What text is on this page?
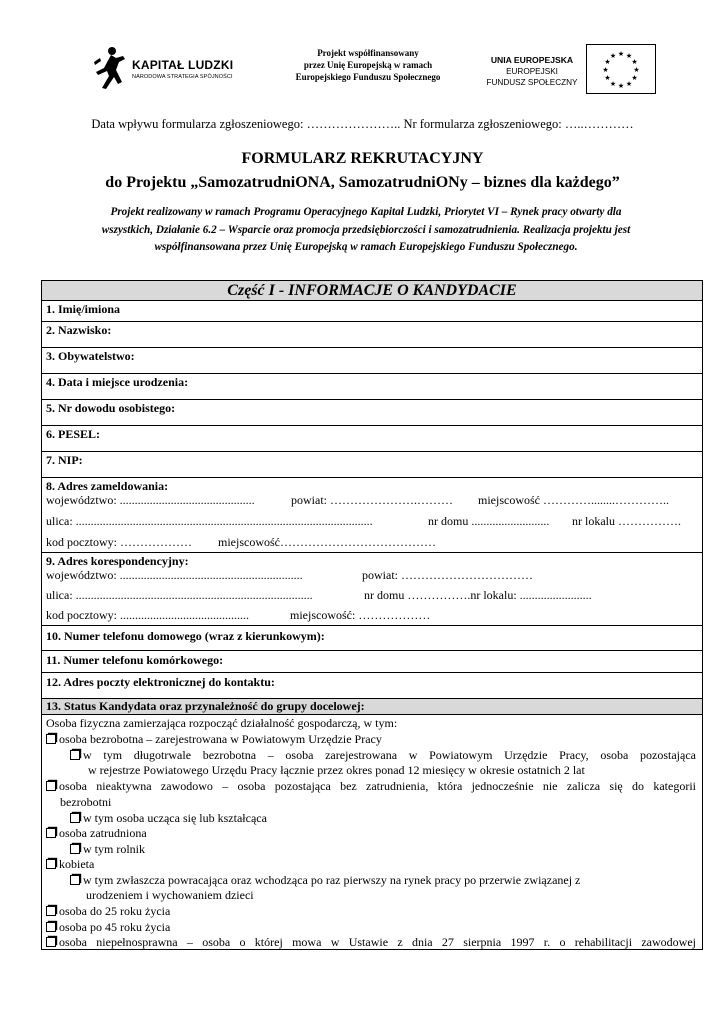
KAPITAŁ LUDZKI
NARODOWA STRATEGIA SPÓJNOŚCI
Projekt współfinansowany
przez Unię Europejską w ramach
Europejskiego Funduszu Społecznego
UNIA EUROPEJSKA
EUROPEJSKI
FUNDUSZ SPOŁECZNY
★ ★
★
★
★
★
★
★
★
★
★
★
Data wpływu formularza zgłoszeniowego: ………………….. Nr formularza zgłoszeniowego: …..…………
FORMULARZ REKRUTACYJNY
do Projektu „SamozatrudniONA, SamozatrudniONy – biznes dla każdego”
Projekt realizowany w ramach Programu Operacyjnego Kapitał Ludzki, Priorytet VI – Rynek pracy otwarty dla
wszystkich, Działanie 6.2 – Wsparcie oraz promocja przedsiębiorczości i samozatrudnienia. Realizacja projektu jest
współfinansowana przez Unię Europejską w ramach Europejskiego Funduszu Społecznego.
Część I - INFORMACJE O KANDYDACIE
1. Imię/imiona
2. Nazwisko:
3. Obywatelstwo:
4. Data i miejsce urodzenia:
5. Nr dowodu osobistego:
6. PESEL:
7. NIP:
8. Adres zameldowania:
województwo: .............................................	powiat: ………………….……… miejscowość …………........…………..
ulica: ...................................................................................................	nr domu .......................... nr lokalu …………….
kod pocztowy: ……………… miejscowość…………………………………
9. Adres korespondencyjny:
województwo: .............................................................	powiat: ……………………………
ulica: ...............................................................................	nr domu …………….nr lokalu: ........................
kod pocztowy: ...........................................	miejscowość: ………………
10. Numer telefonu domowego (wraz z kierunkowym):
11. Numer telefonu komórkowego:
12. Adres poczty elektronicznej do kontaktu:
13. Status Kandydata oraz przynależność do grupy docelowej:
Osoba fizyczna zamierzająca rozpocząć działalność gospodarczą, w tym:
osoba bezrobotna – zarejestrowana w Powiatowym Urzędzie Pracy
w tym długotrwale bezrobotna – osoba zarejestrowana w Powiatowym Urzędzie Pracy, osoba pozostająca
w rejestrze Powiatowego Urzędu Pracy łącznie przez okres ponad 12 miesięcy w okresie ostatnich 2 lat
osoba nieaktywna zawodowo – osoba pozostająca bez zatrudnienia, która jednocześnie nie zalicza się do kategorii
bezrobotni
w tym osoba ucząca się lub kształcąca
osoba zatrudniona
w tym rolnik
kobieta
w tym zwłaszcza powracająca oraz wchodząca po raz pierwszy na rynek pracy po przerwie związanej z
urodzeniem i wychowaniem dzieci
osoba do 25 roku życia
osoba po 45 roku życia
osoba niepełnosprawna – osoba o której mowa w Ustawie z dnia 27 sierpnia 1997 r. o rehabilitacji zawodowej
